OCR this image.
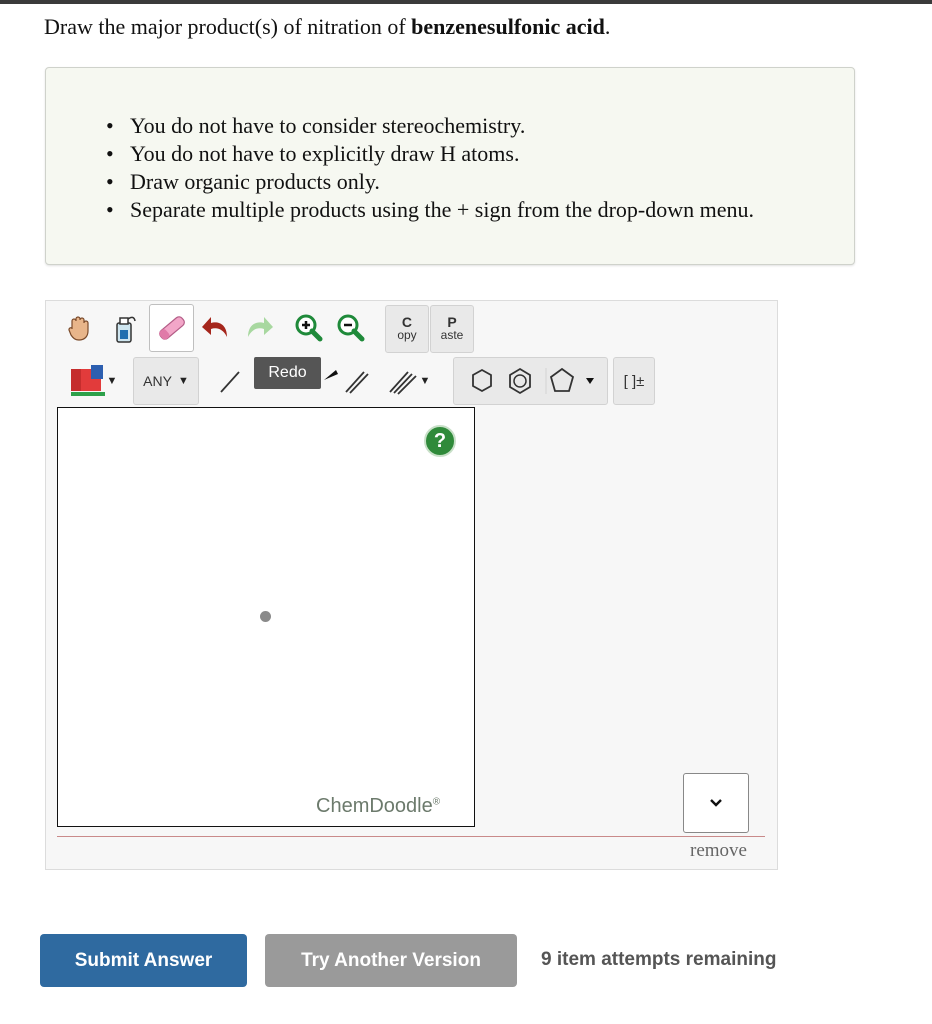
Draw the major product(s) of nitration of benzenesulfonic acid.
• You do not have to consider stereochemistry.
• You do not have to explicitly draw H atoms.
• Draw organic products only.
• Separate multiple products using the + sign from the drop-down menu.
C
opy
P
aste
▼ ANY ▼	Redo	▼	[ ]±
?
ChemDoodle®
remove
Submit Answer	Try Another Version	9 item attempts remaining
